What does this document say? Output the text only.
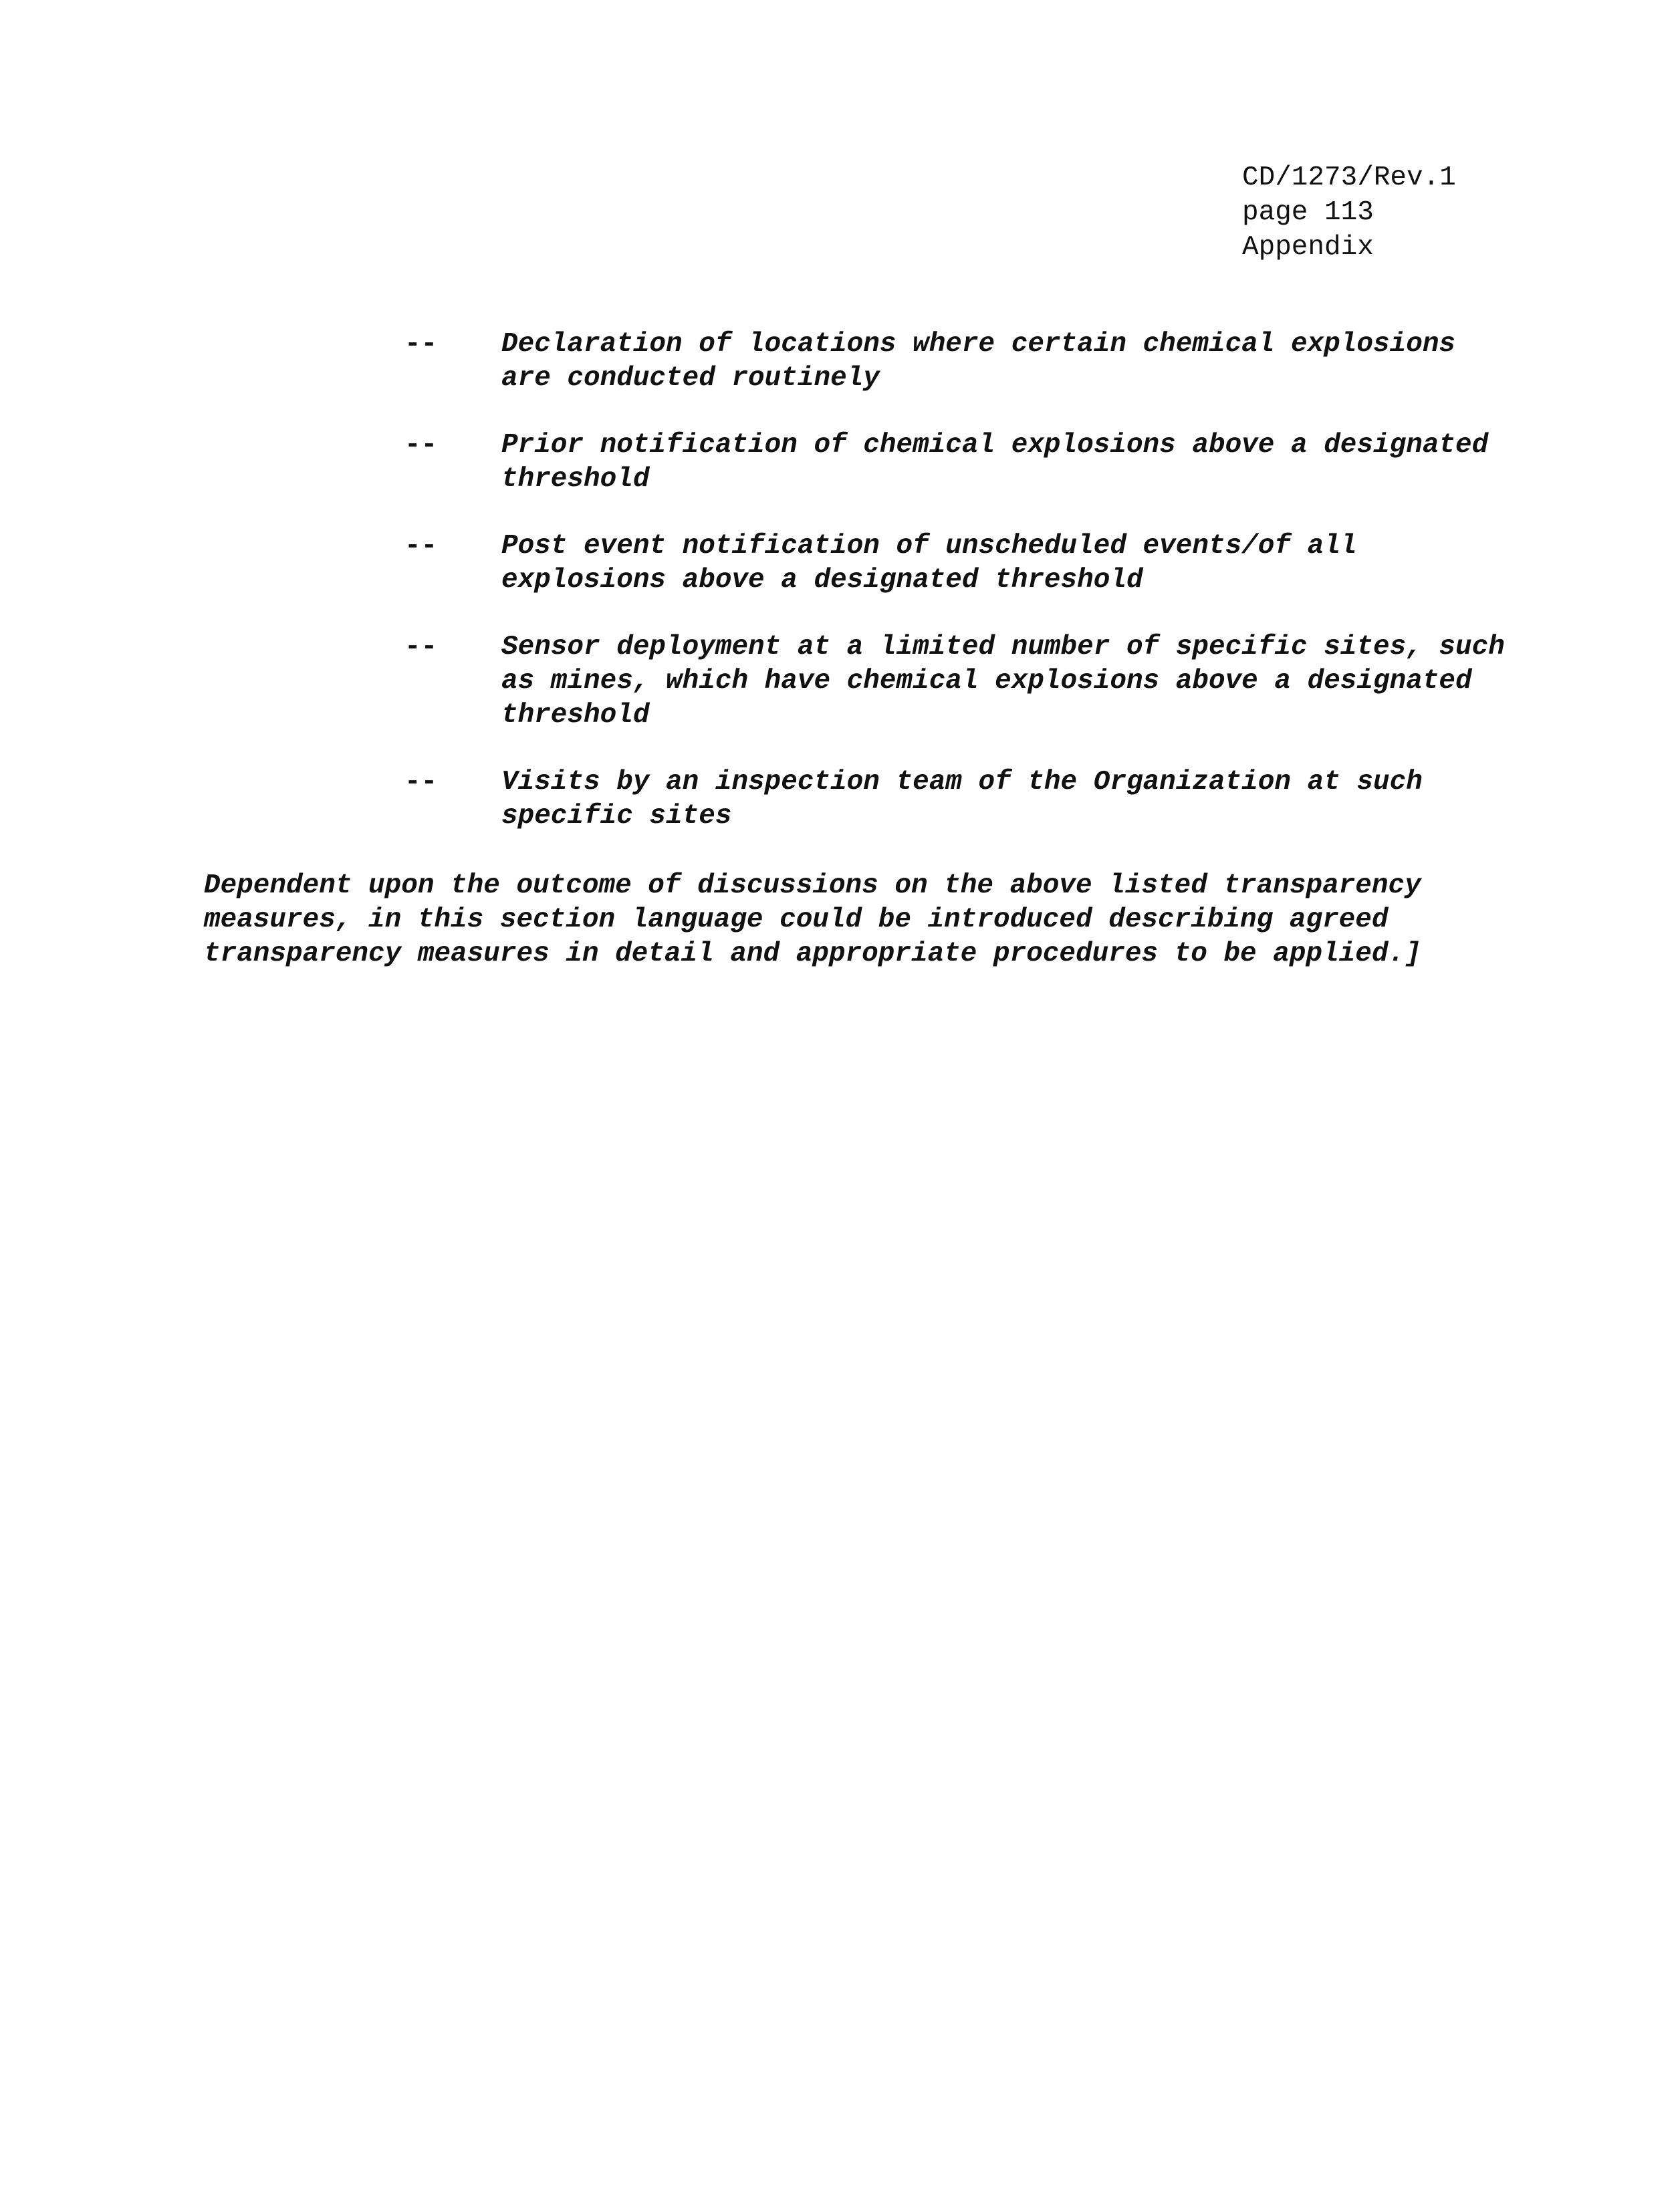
CD/1273/Rev.1
page 113
Appendix
-- Declaration of locations where certain chemical explosions
are conducted routinely
-- Prior notification of chemical explosions above a designated
threshold
-- Post event notification of unscheduled events/of all
explosions above a designated threshold
-- Sensor deployment at a limited number of specific sites, such
as mines, which have chemical explosions above a designated
threshold
-- Visits by an inspection team of the Organization at such
specific sites
Dependent upon the outcome of discussions on the above listed transparency
measures, in this section language could be introduced describing agreed
transparency measures in detail and appropriate procedures to be applied.]
